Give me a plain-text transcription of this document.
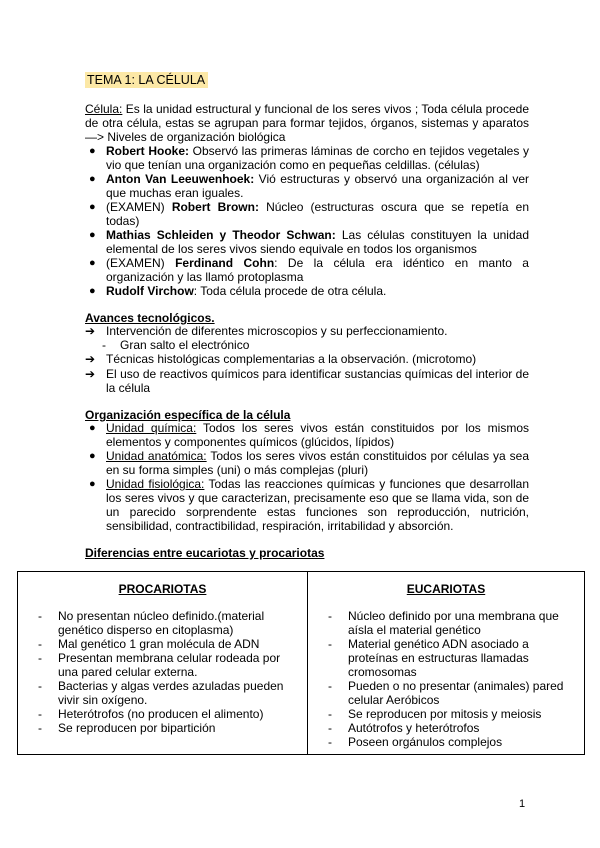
TEMA 1: LA CÉLULA
Célula: Es la unidad estructural y funcional de los seres vivos ; Toda célula procede de otra célula, estas se agrupan para formar tejidos, órganos, sistemas y aparatos —> Niveles de organización biológica
● Robert Hooke: Observó las primeras láminas de corcho en tejidos vegetales y vio que tenían una organización como en pequeñas celdillas. (células)
● Anton Van Leeuwenhoek: Vió estructuras y observó una organización al ver que muchas eran iguales.
● (EXAMEN) Robert Brown: Núcleo (estructuras oscura que se repetía en todas)
● Mathias Schleiden y Theodor Schwan: Las células constituyen la unidad elemental de los seres vivos siendo equivale en todos los organismos
● (EXAMEN) Ferdinand Cohn: De la célula era idéntico en manto a organización y las llamó protoplasma
● Rudolf Virchow: Toda célula procede de otra célula.
Avances tecnológicos.
➔ Intervención de diferentes microscopios y su perfeccionamiento.
- Gran salto el electrónico
➔ Técnicas histológicas complementarias a la observación. (microtomo)
➔ El uso de reactivos químicos para identificar sustancias químicas del interior de la célula
Organización específica de la célula
● Unidad química: Todos los seres vivos están constituidos por los mismos elementos y componentes químicos (glúcidos, lípidos)
● Unidad anatómica: Todos los seres vivos están constituidos por células ya sea en su forma simples (uni) o más complejas (pluri)
● Unidad fisiológica: Todas las reacciones químicas y funciones que desarrollan los seres vivos y que caracterizan, precisamente eso que se llama vida, son de un parecido sorprendente estas funciones son reproducción, nutrición, sensibilidad, contractibilidad, respiración, irritabilidad y absorción.
Diferencias entre eucariotas y procariotas
PROCARIOTAS
- No presentan núcleo definido.(material genético disperso en citoplasma)
- Mal genético 1 gran molécula de ADN
- Presentan membrana celular rodeada por una pared celular externa.
- Bacterias y algas verdes azuladas pueden vivir sin oxígeno.
- Heterótrofos (no producen el alimento)
- Se reproducen por bipartición
EUCARIOTAS
- Núcleo definido por una membrana que aísla el material genético
- Material genético ADN asociado a proteínas en estructuras llamadas cromosomas
- Pueden o no presentar (animales) pared celular Aeróbicos
- Se reproducen por mitosis y meiosis
- Autótrofos y heterótrofos
- Poseen orgánulos complejos
1
